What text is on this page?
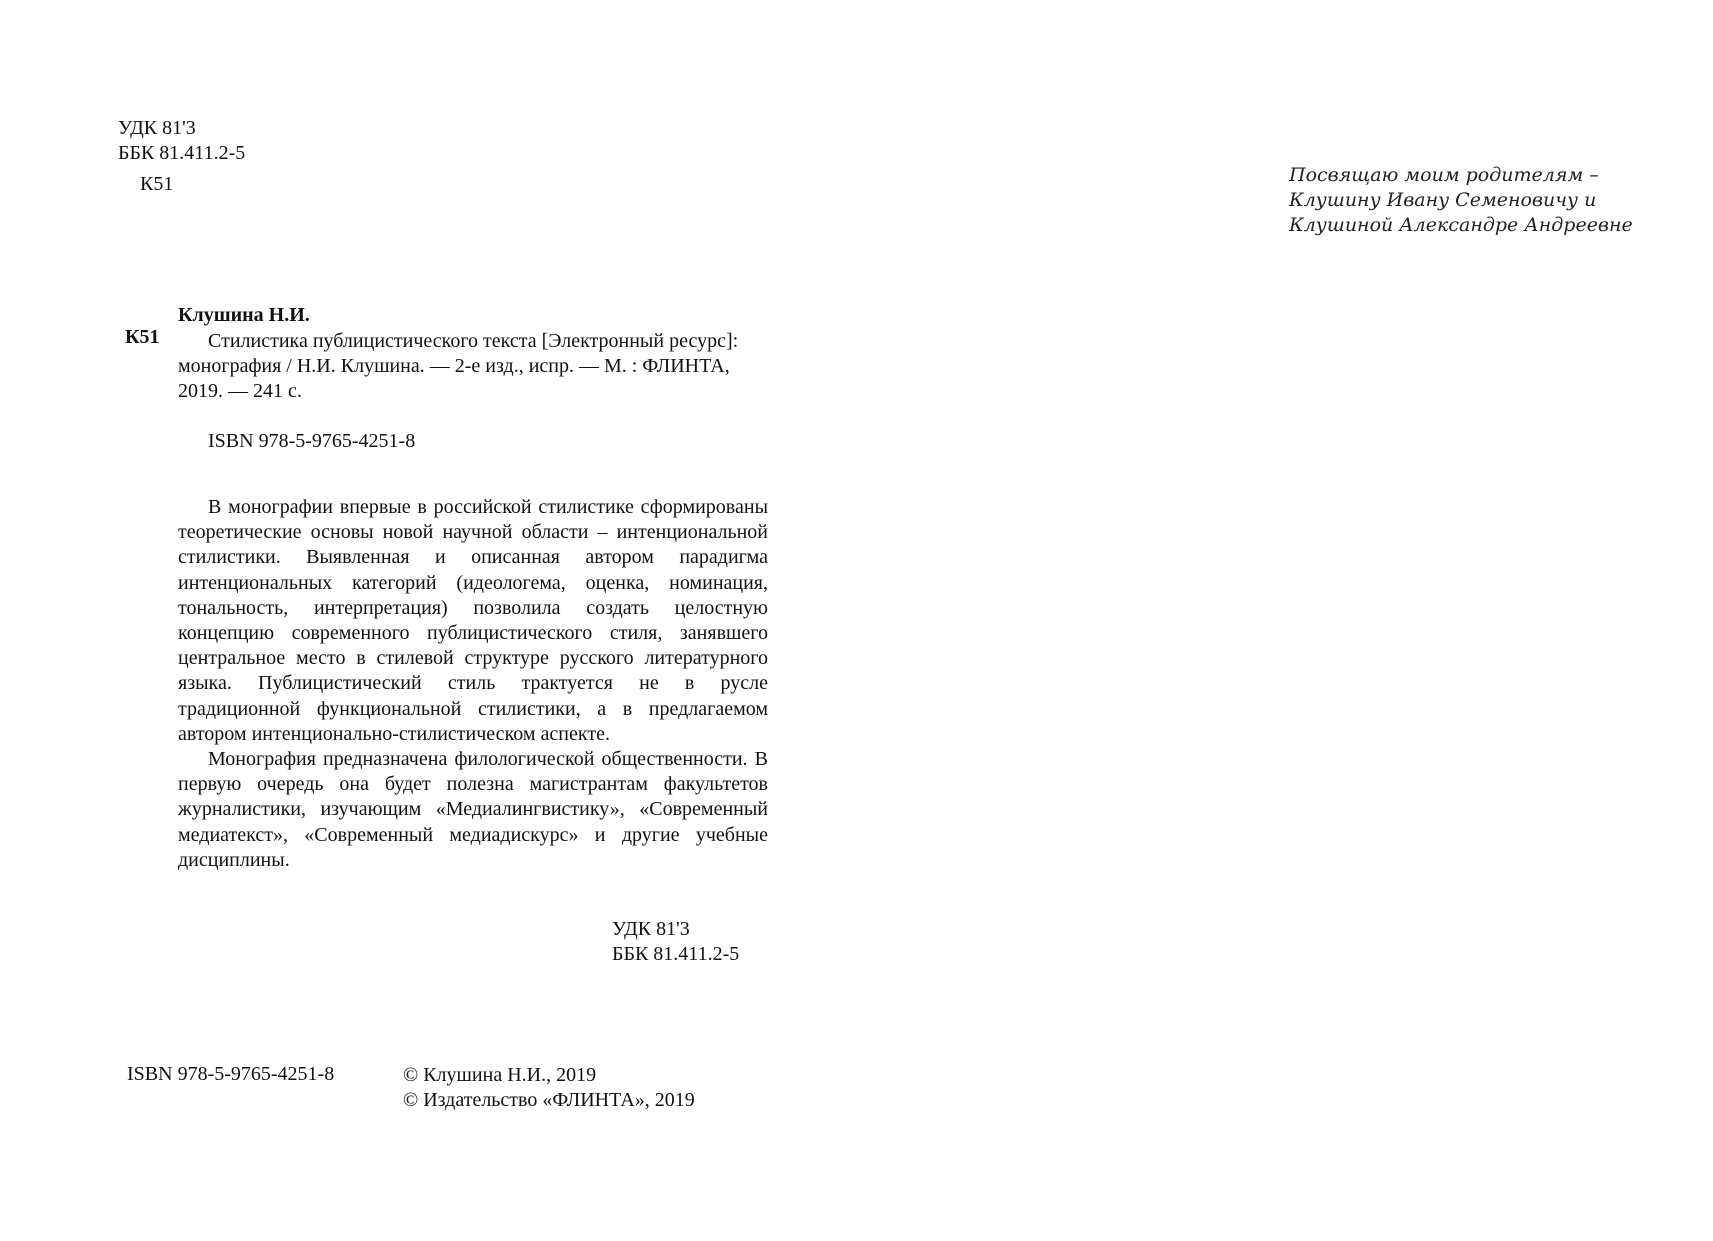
УДК 81'3
ББК 81.411.2-5
К51	Посвящаю моим родителям –
Клушину Ивану Семеновичу и
Клушиной Александре Андреевне
Клушина Н.И.
К51	Стилистика публицистического текста [Электронный ресурс]: монография / Н.И. Клушина. — 2-е изд., испр. — М. : ФЛИНТА, 2019. — 241 с.

ISBN 978-5-9765-4251-8

В монографии впервые в российской стилистике сформированы теоретические основы новой научной области – интенциональной стилистики. Выявленная и описанная автором парадигма интенциональных категорий (идеологема, оценка, номинация, тональность, интерпретация) позволила создать целостную концепцию современного публицистического стиля, занявшего центральное место в стилевой структуре русского литературного языка. Публицистический стиль трактуется не в русле традиционной функциональной стилистики, а в предлагаемом автором интенционально-стилистическом аспекте.

Монография предназначена филологической общественности. В первую очередь она будет полезна магистрантам факультетов журналистики, изучающим «Медиалингвистику», «Современный медиатекст», «Современный медиадискурс» и другие учебные дисциплины.

УДК 81'3
ББК 81.411.2-5
ISBN 978-5-9765-4251-8	© Клушина Н.И., 2019
© Издательство «ФЛИНТА», 2019
